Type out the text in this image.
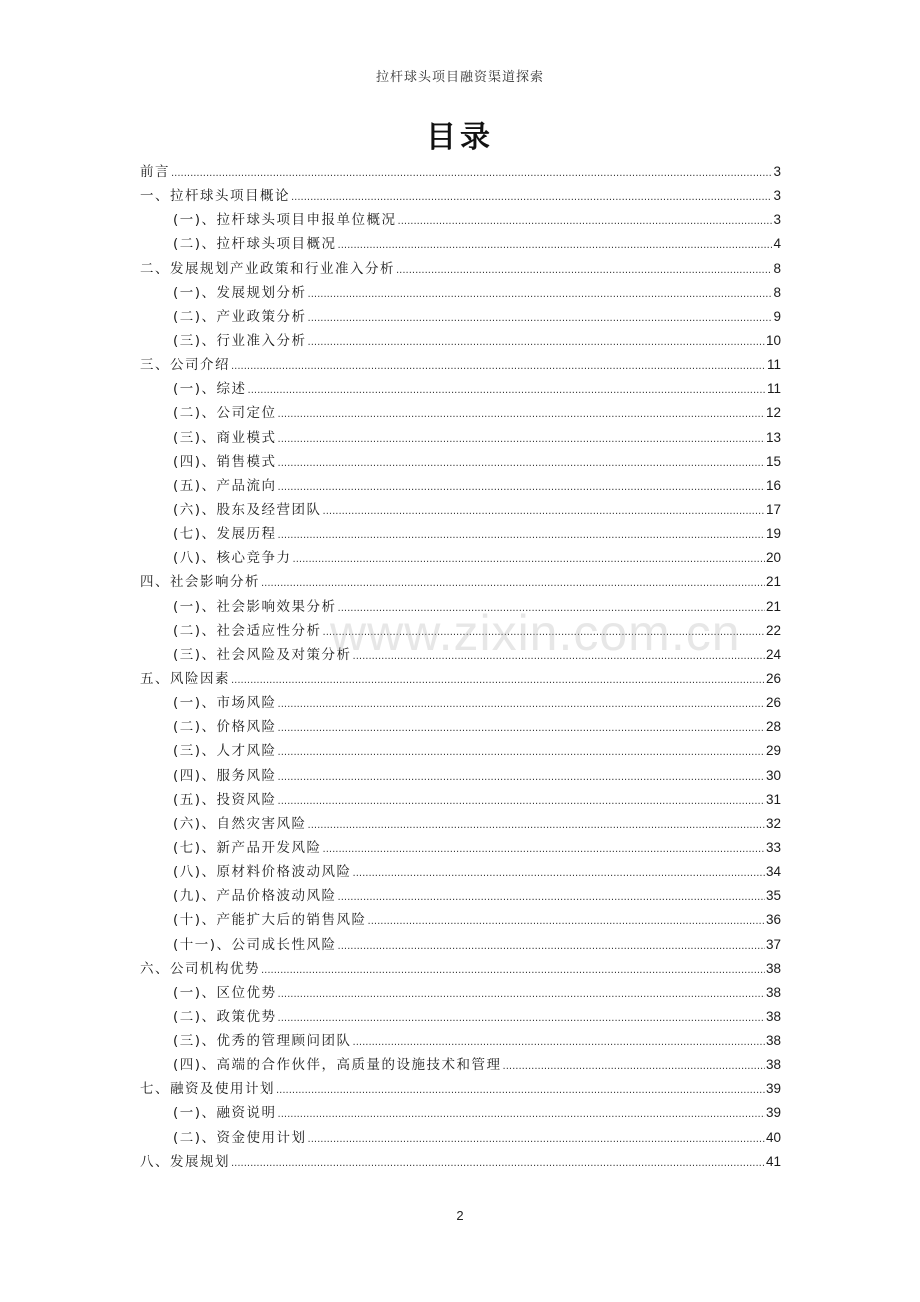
拉杆球头项目融资渠道探索
目录
前言 .....	3
一、拉杆球头项目概论 .....	3
(一)、拉杆球头项目申报单位概况 .....	3
(二)、拉杆球头项目概况 .....	4
二、发展规划产业政策和行业准入分析 .....	8
(一)、发展规划分析 .....	8
(二)、产业政策分析 .....	9
(三)、行业准入分析 .....	10
三、公司介绍 .....	11
(一)、综述 .....	11
(二)、公司定位 .....	12
(三)、商业模式 .....	13
(四)、销售模式 .....	15
(五)、产品流向 .....	16
(六)、股东及经营团队 .....	17
(七)、发展历程 .....	19
(八)、核心竞争力 .....	20
四、社会影响分析 .....	21
(一)、社会影响效果分析 .....	21
(二)、社会适应性分析 .....	22
(三)、社会风险及对策分析 .....	24
五、风险因素 .....	26
(一)、市场风险 .....	26
(二)、价格风险 .....	28
(三)、人才风险 .....	29
(四)、服务风险 .....	30
(五)、投资风险 .....	31
(六)、自然灾害风险 .....	32
(七)、新产品开发风险 .....	33
(八)、原材料价格波动风险 .....	34
(九)、产品价格波动风险 .....	35
(十)、产能扩大后的销售风险 .....	36
(十一)、公司成长性风险 .....	37
六、公司机构优势 .....	38
(一)、区位优势 .....	38
(二)、政策优势 .....	38
(三)、优秀的管理顾问团队 .....	38
(四)、高端的合作伙伴，高质量的设施技术和管理 .....	38
七、融资及使用计划 .....	39
(一)、融资说明 .....	39
(二)、资金使用计划 .....	40
八、发展规划 .....	41
www.zixin.com.cn
2
